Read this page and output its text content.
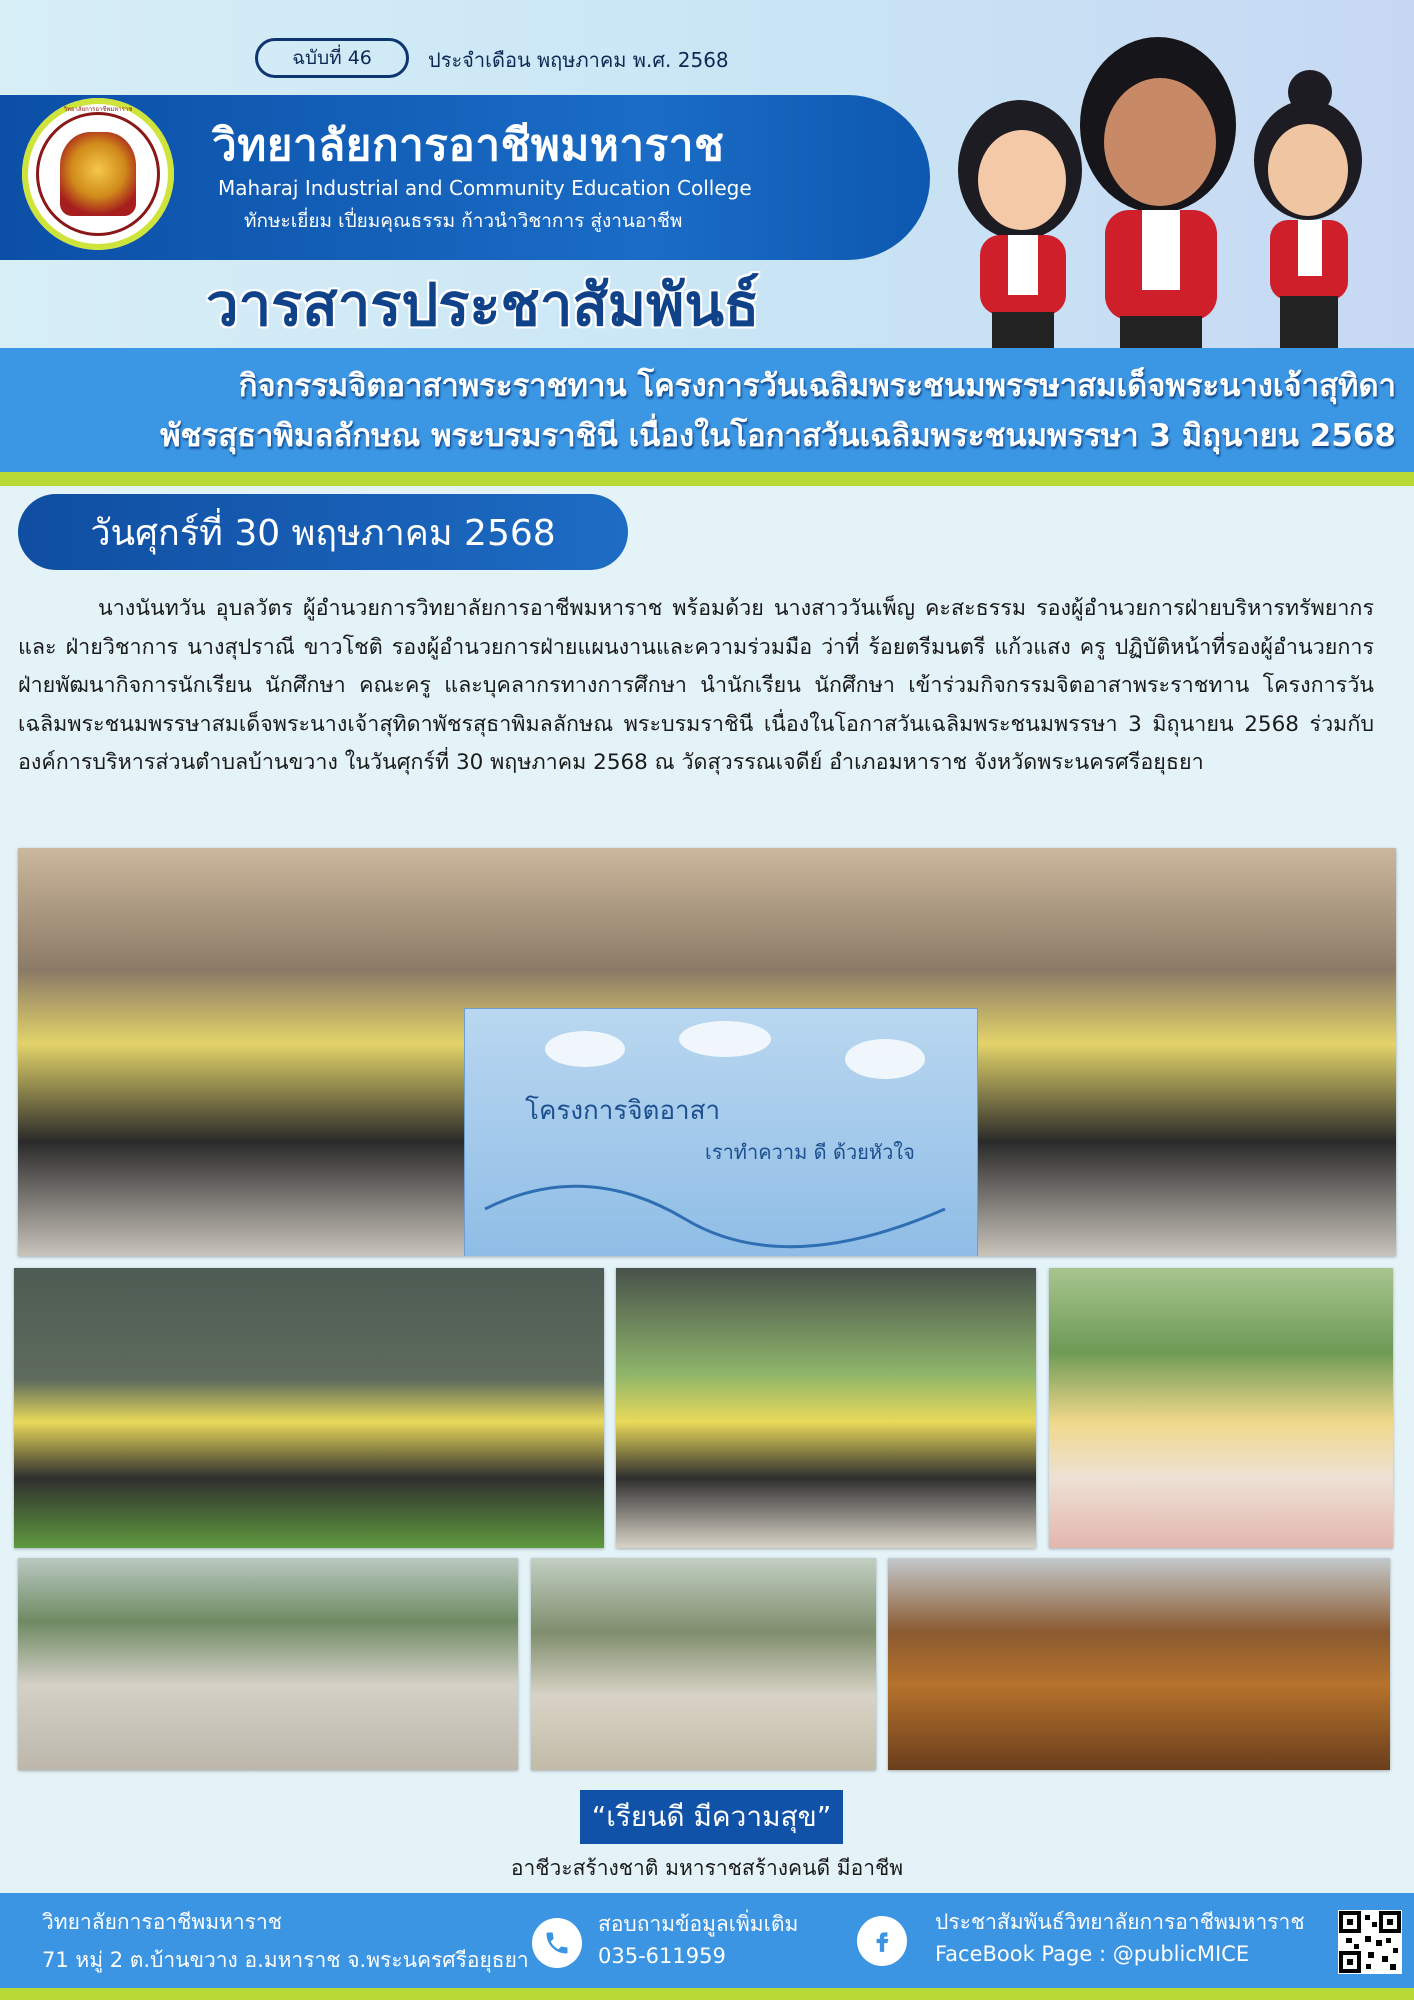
ฉบับที่ 46	ประจำเดือน พฤษภาคม พ.ศ. 2568
วิทยาลัยการอาชีพมหาราช
วิทยาลัยการอาชีพมหาราช
Maharaj Industrial and Community Education College
ทักษะเยี่ยม เปี่ยมคุณธรรม ก้าวนำวิชาการ สู่งานอาชีพ
วารสารประชาสัมพันธ์
กิจกรรมจิตอาสาพระราชทาน โครงการวันเฉลิมพระชนมพรรษาสมเด็จพระนางเจ้าสุทิดา
พัชรสุธาพิมลลักษณ พระบรมราชินี เนื่องในโอกาสวันเฉลิมพระชนมพรรษา 3 มิถุนายน 2568
วันศุกร์ที่ 30 พฤษภาคม 2568

นางนันทวัน อุบลวัตร ผู้อำนวยการวิทยาลัยการอาชีพมหาราช พร้อมด้วย นางสาววันเพ็ญ คะสะธรรม รองผู้อำนวยการฝ่ายบริหารทรัพยากร และ ฝ่ายวิชาการ นางสุปราณี ขาวโชติ รองผู้อำนวยการฝ่ายแผนงานและความร่วมมือ ว่าที่ ร้อยตรีมนตรี แก้วแสง ครู ปฏิบัติหน้าที่รองผู้อำนวยการฝ่ายพัฒนากิจการนักเรียน นักศึกษา คณะครู และบุคลากรทางการศึกษา นำนักเรียน นักศึกษา เข้าร่วมกิจกรรมจิตอาสาพระราชทาน โครงการวันเฉลิมพระชนมพรรษาสมเด็จพระนางเจ้าสุทิดาพัชรสุธาพิมลลักษณ พระบรมราชินี เนื่องในโอกาสวันเฉลิมพระชนมพรรษา 3 มิถุนายน 2568 ร่วมกับองค์การบริหารส่วนตำบลบ้านขวาง ในวันศุกร์ที่ 30 พฤษภาคม 2568 ณ วัดสุวรรณเจดีย์ อำเภอมหาราช จังหวัดพระนครศรีอยุธยา

โครงการจิตอาสา
เราทำความ ดี ด้วยหัวใจ
“เรียนดี มีความสุข”
อาชีวะสร้างชาติ มหาราชสร้างคนดี มีอาชีพ
วิทยาลัยการอาชีพมหาราช
71 หมู่ 2 ต.บ้านขวาง อ.มหาราช จ.พระนครศรีอยุธยา
สอบถามข้อมูลเพิ่มเติม
035-611959
ประชาสัมพันธ์วิทยาลัยการอาชีพมหาราช
FaceBook Page : @publicMICE
